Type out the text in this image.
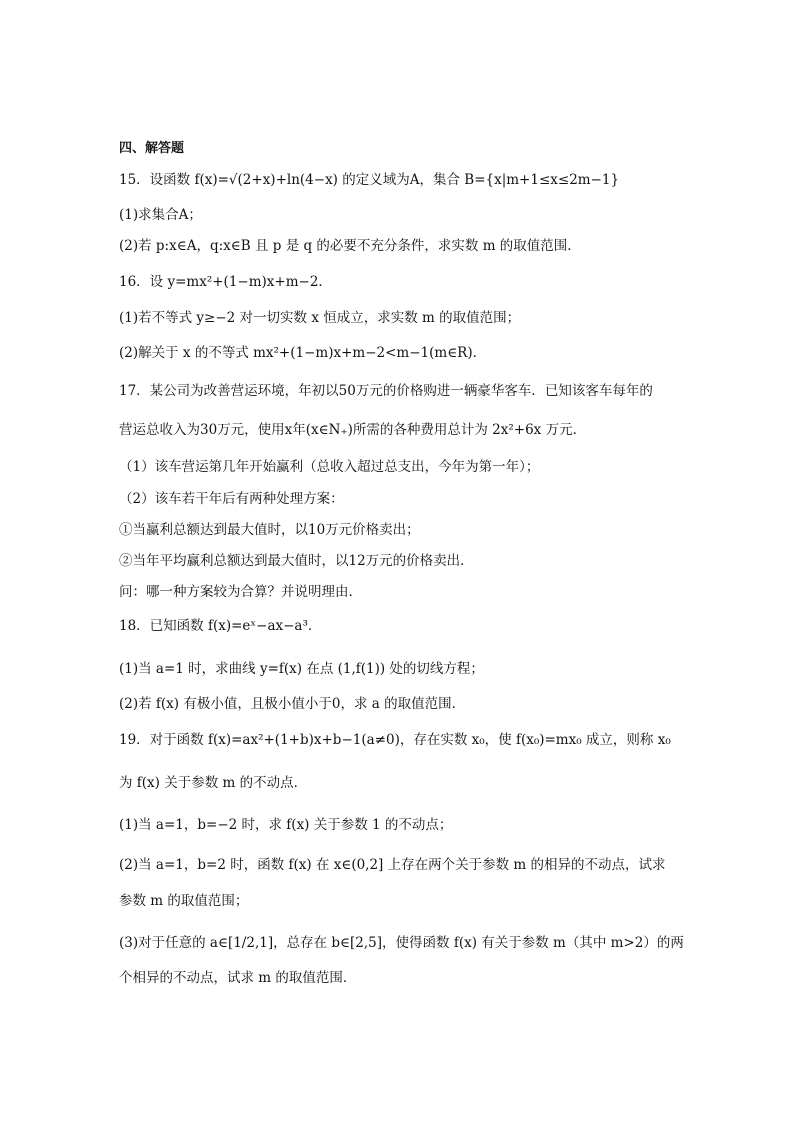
四、解答题
15．设函数 f(x)=√(2+x)+ln(4−x) 的定义域为A，集合 B={x|m+1≤x≤2m−1}
(1)求集合A；
(2)若 p:x∈A，q:x∈B 且 p 是 q 的必要不充分条件，求实数 m 的取值范围.
16．设 y=mx²+(1−m)x+m−2．
(1)若不等式 y≥−2 对一切实数 x 恒成立，求实数 m 的取值范围；
(2)解关于 x 的不等式 mx²+(1−m)x+m−2<m−1(m∈R)．
17．某公司为改善营运环境，年初以50万元的价格购进一辆豪华客车．已知该客车每年的
营运总收入为30万元，使用x年(x∈N₊)所需的各种费用总计为 2x²+6x 万元．
（1）该车营运第几年开始赢利（总收入超过总支出，今年为第一年）；
（2）该车若干年后有两种处理方案：
①当赢利总额达到最大值时，以10万元价格卖出；
②当年平均赢利总额达到最大值时，以12万元的价格卖出．
问：哪一种方案较为合算？并说明理由．
18．已知函数 f(x)=eˣ−ax−a³．
(1)当 a=1 时，求曲线 y=f(x) 在点 (1,f(1)) 处的切线方程；
(2)若 f(x) 有极小值，且极小值小于0，求 a 的取值范围．
19．对于函数 f(x)=ax²+(1+b)x+b−1(a≠0)，存在实数 x₀，使 f(x₀)=mx₀ 成立，则称 x₀
为 f(x) 关于参数 m 的不动点．
(1)当 a=1，b=−2 时，求 f(x) 关于参数 1 的不动点；
(2)当 a=1，b=2 时，函数 f(x) 在 x∈(0,2] 上存在两个关于参数 m 的相异的不动点，试求
参数 m 的取值范围；
(3)对于任意的 a∈[1/2,1]，总存在 b∈[2,5]，使得函数 f(x) 有关于参数 m（其中 m>2）的两
个相异的不动点，试求 m 的取值范围．
